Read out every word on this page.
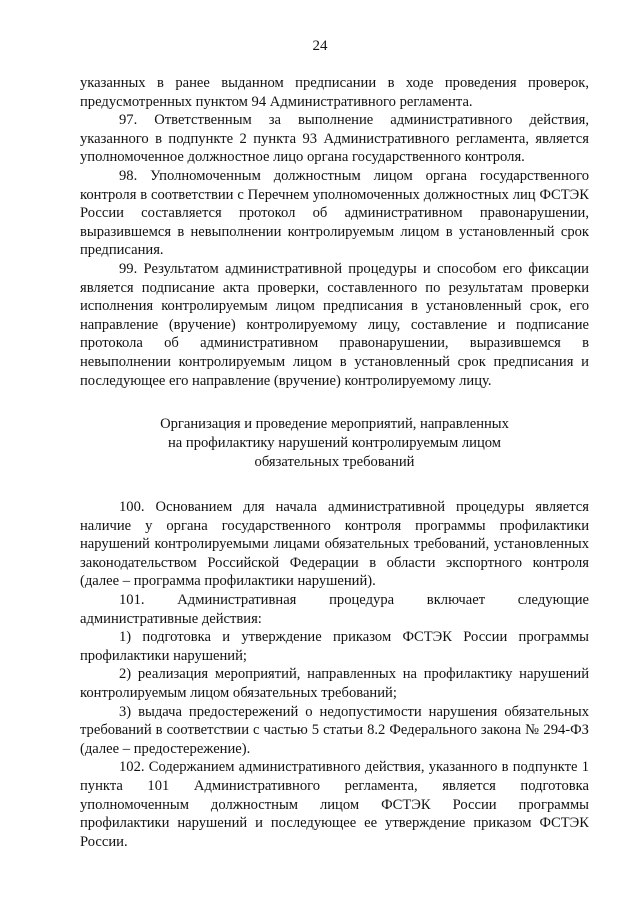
24

указанных в ранее выданном предписании в ходе проведения проверок, предусмотренных пунктом 94 Административного регламента.

97. Ответственным за выполнение административного действия, указанного в подпункте 2 пункта 93 Административного регламента, является уполномоченное должностное лицо органа государственного контроля.

98. Уполномоченным должностным лицом органа государственного контроля в соответствии с Перечнем уполномоченных должностных лиц ФСТЭК России составляется протокол об административном правонарушении, выразившемся в невыполнении контролируемым лицом в установленный срок предписания.

99. Результатом административной процедуры и способом его фиксации является подписание акта проверки, составленного по результатам проверки исполнения контролируемым лицом предписания в установленный срок, его направление (вручение) контролируемому лицу, составление и подписание протокола об административном правонарушении, выразившемся в невыполнении контролируемым лицом в установленный срок предписания и последующее его направление (вручение) контролируемому лицу.

Организация и проведение мероприятий, направленных
на профилактику нарушений контролируемым лицом
обязательных требований

100. Основанием для начала административной процедуры является наличие у органа государственного контроля программы профилактики нарушений контролируемыми лицами обязательных требований, установленных законодательством Российской Федерации в области экспортного контроля (далее – программа профилактики нарушений).

101. Административная процедура включает следующие административные действия:

1) подготовка и утверждение приказом ФСТЭК России программы профилактики нарушений;

2) реализация мероприятий, направленных на профилактику нарушений контролируемым лицом обязательных требований;

3) выдача предостережений о недопустимости нарушения обязательных требований в соответствии с частью 5 статьи 8.2 Федерального закона № 294-ФЗ (далее – предостережение).

102. Содержанием административного действия, указанного в подпункте 1 пункта 101 Административного регламента, является подготовка уполномоченным должностным лицом ФСТЭК России программы профилактики нарушений и последующее ее утверждение приказом ФСТЭК России.
